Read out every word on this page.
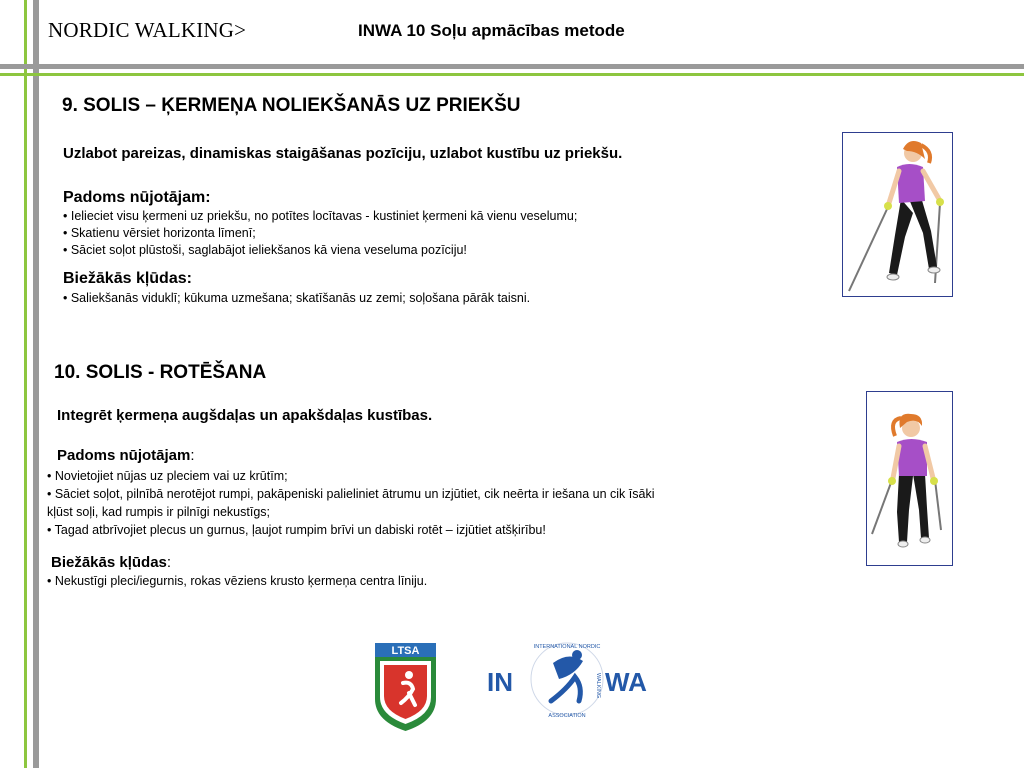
NORDIC WALKING>	INWA 10 Soļu apmācības metode
9. SOLIS – ĶERMEŅA NOLIEKŠANĀS UZ PRIEKŠU
Uzlabot pareizas, dinamiskas staigāšanas pozīciju, uzlabot kustību uz priekšu.
Padoms nūjotājam:
• Ielieciet visu ķermeni uz priekšu, no potītes locītavas - kustiniet ķermeni kā vienu veselumu;
• Skatienu vērsiet horizonta līmenī;
• Sāciet soļot plūstoši, saglabājot ieliekšanos kā viena veseluma pozīciju!
Biežākās kļūdas:
• Saliekšanās viduklī; kūkuma uzmešana; skatīšanās uz zemi; soļošana pārāk taisni.
10. SOLIS - ROTĒŠANA
Integrēt ķermeņa augšdaļas un apakšdaļas kustības.
Padoms nūjotājam:
• Novietojiet nūjas uz pleciem vai uz krūtīm;
• Sāciet soļot, pilnībā nerotējot rumpi, pakāpeniski palieliniet ātrumu un izjūtiet, cik neērta ir iešana un cik īsāki
kļūst soļi, kad rumpis ir pilnīgi nekustīgs;
• Tagad atbrīvojiet plecus un gurnus, ļaujot rumpim brīvi un dabiski rotēt – izjūtiet atšķirību!
Biežākās kļūdas:
• Nekustīgi pleci/iegurnis, rokas vēziens krusto ķermeņa centra līniju.
LTSA
IN	WA
INTERNATIONAL NORDIC
WALKING
ASSOCIATION
